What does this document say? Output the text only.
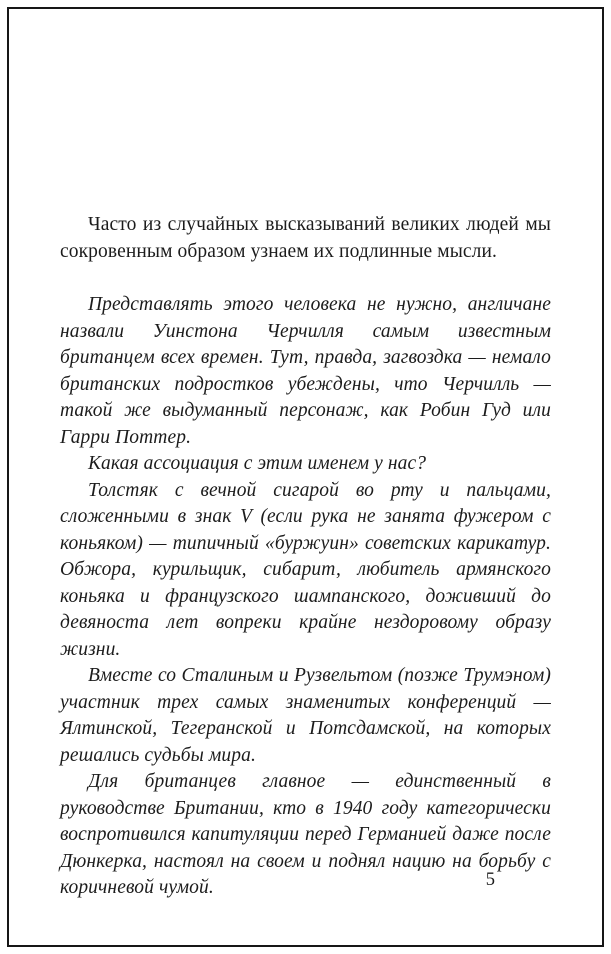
Часто из случайных высказываний великих людей мы сокровенным образом узнаем их подлинные мысли.

Представлять этого человека не нужно, англичане назвали Уинстона Черчилля самым известным британцем всех времен. Тут, правда, загвоздка — немало британских подростков убеждены, что Черчилль — такой же выдуманный персонаж, как Робин Гуд или Гарри Поттер.

Какая ассоциация с этим именем у нас?

Толстяк с вечной сигарой во рту и пальцами, сложенными в знак V (если рука не занята фужером с коньяком) — типичный «буржуин» советских карикатур. Обжора, курильщик, сибарит, любитель армянского коньяка и французского шампанского, доживший до девяноста лет вопреки крайне нездоровому образу жизни.

Вместе со Сталиным и Рузвельтом (позже Трумэном) участник трех самых знаменитых конференций — Ялтинской, Тегеранской и Потсдамской, на которых решались судьбы мира.

Для британцев главное — единственный в руководстве Британии, кто в 1940 году категорически воспротивился капитуляции перед Германией даже после Дюнкерка, настоял на своем и поднял нацию на борьбу с коричневой чумой.	5
